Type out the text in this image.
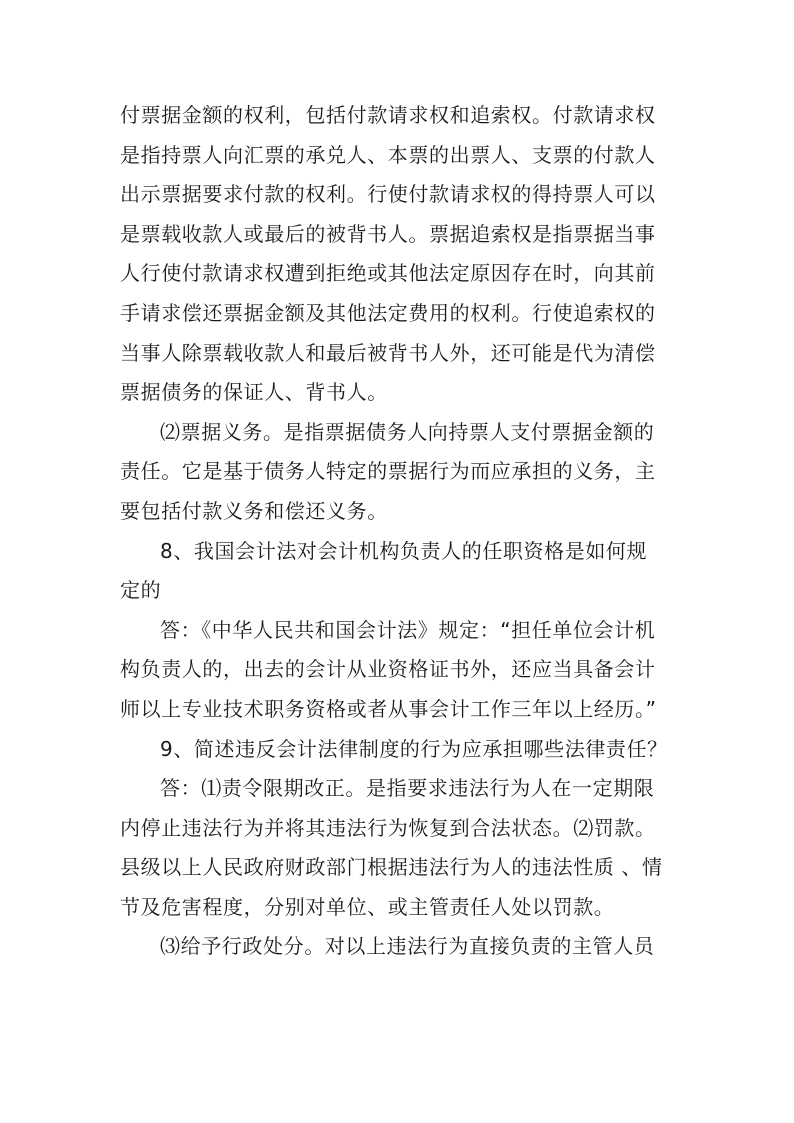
付票据金额的权利，包括付款请求权和追索权。付款请求权
是指持票人向汇票的承兑人、本票的出票人、支票的付款人
出示票据要求付款的权利。行使付款请求权的得持票人可以
是票载收款人或最后的被背书人。票据追索权是指票据当事
人行使付款请求权遭到拒绝或其他法定原因存在时，向其前
手请求偿还票据金额及其他法定费用的权利。行使追索权的
当事人除票载收款人和最后被背书人外，还可能是代为清偿
票据债务的保证人、背书人。
⑵票据义务。是指票据债务人向持票人支付票据金额的
责任。它是基于债务人特定的票据行为而应承担的义务，主
要包括付款义务和偿还义务。
8、我国会计法对会计机构负责人的任职资格是如何规
定的
答：《中华人民共和国会计法》规定：“担任单位会计机
构负责人的，出去的会计从业资格证书外，还应当具备会计
师以上专业技术职务资格或者从事会计工作三年以上经历。”
9、简述违反会计法律制度的行为应承担哪些法律责任？
答：⑴责令限期改正。是指要求违法行为人在一定期限
内停止违法行为并将其违法行为恢复到合法状态。⑵罚款。
县级以上人民政府财政部门根据违法行为人的违法性质 、情
节及危害程度，分别对单位、或主管责任人处以罚款。
⑶给予行政处分。对以上违法行为直接负责的主管人员
